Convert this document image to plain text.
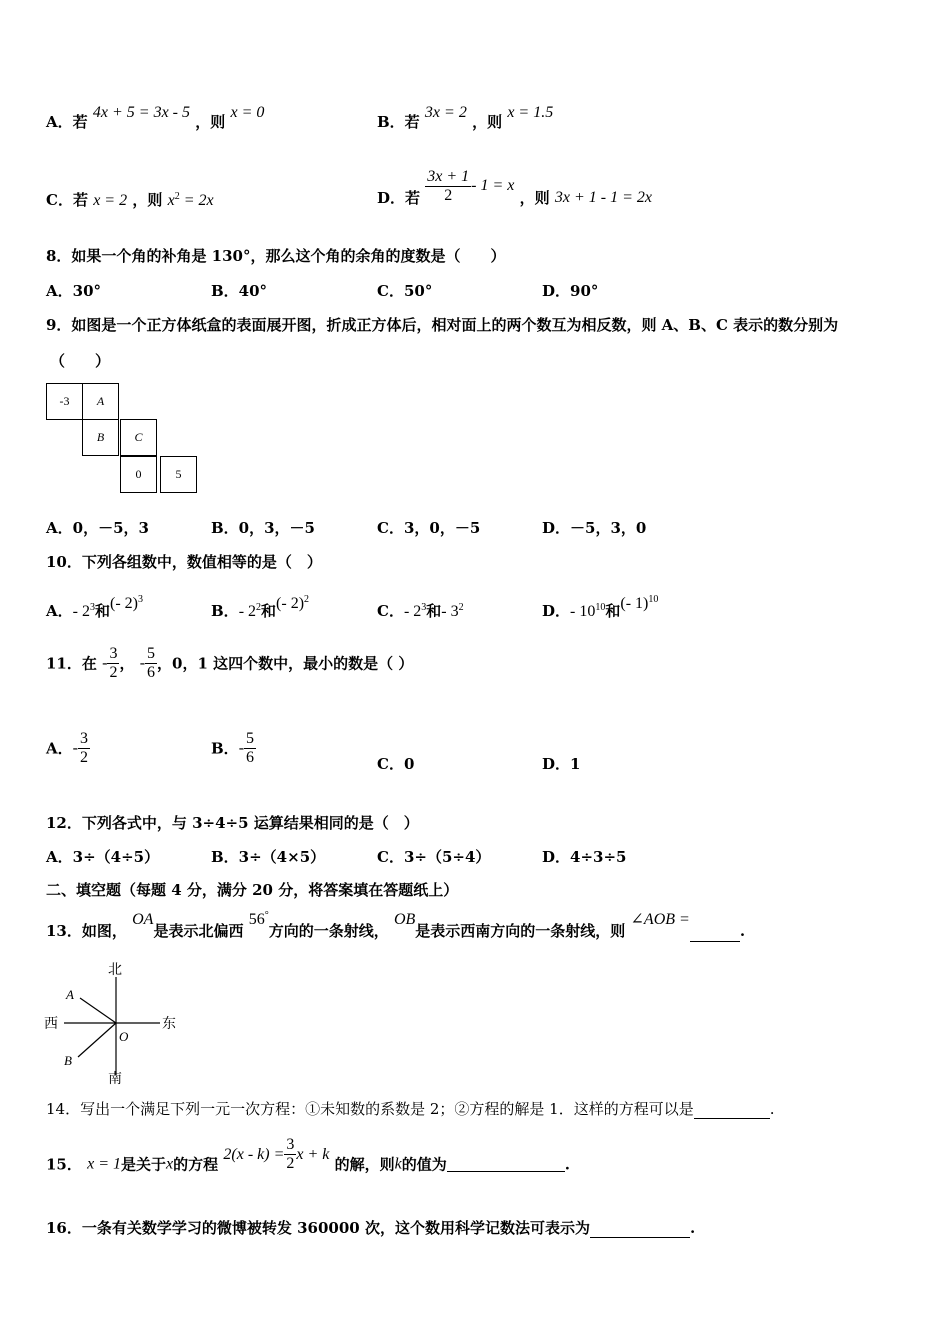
A．若 4x + 5 = 3x - 5 ，则 x = 0
B．若 3x = 2 ，则 x = 1.5
C．若 x = 2 ，则 $x^2 = 2x$	D．若 $\frac{3x + 1}{2} - 1 = x$ ，则 3x + 1 - 1 = 2x
8．如果一个角的补角是 130°，那么这个角的余角的度数是（　　）
A．30°	B．40°	C．50°	D．90°
9．如图是一个正方体纸盒的表面展开图，折成正方体后，相对面上的两个数互为相反数，则 A、B、C 表示的数分别为
（　　）
-3	A
B	C
0	5
A．0，－5，3	B．0，3，－5	C．3，0，－5	D．－5，3，0
10．下列各组数中，数值相等的是（　）
A．- $2^3$和(- 2)$^3$
B．- $2^2$和(- 2)$^2$
C．- $2^3$和- $3^2$	D．- $10^{10}$和(- 1)$^{10}$
11．在 - $\frac{3}{2}$ ， - $\frac{5}{6}$ ，0，1 这四个数中，最小的数是（ ）
A．- $\frac{3}{2}$	B．- $\frac{5}{6}$	C．0	D．1
12．下列各式中，与 3÷4÷5 运算结果相同的是（　）
A．3÷（4÷5）	B．3÷（4×5）	C．3÷（5÷4）	D．4÷3÷5
二、填空题（每题 4 分，满分 20 分，将答案填在答题纸上）
13．如图， OA是表示北偏西 56°方向的一条射线， OB是表示西南方向的一条射线，则 ∠AOB =.
北
南
西	东
A
B
O
14．写出一个满足下列一元一次方程：①未知数的系数是 2；②方程的解是 1．这样的方程可以是	.
15． x = 1是关于x的方程 $2(x - k) = \frac{3}{2}$ x + k 的解，则k的值为	.
16．一条有关数学学习的微博被转发 360000 次，这个数用科学记数法可表示为	.
